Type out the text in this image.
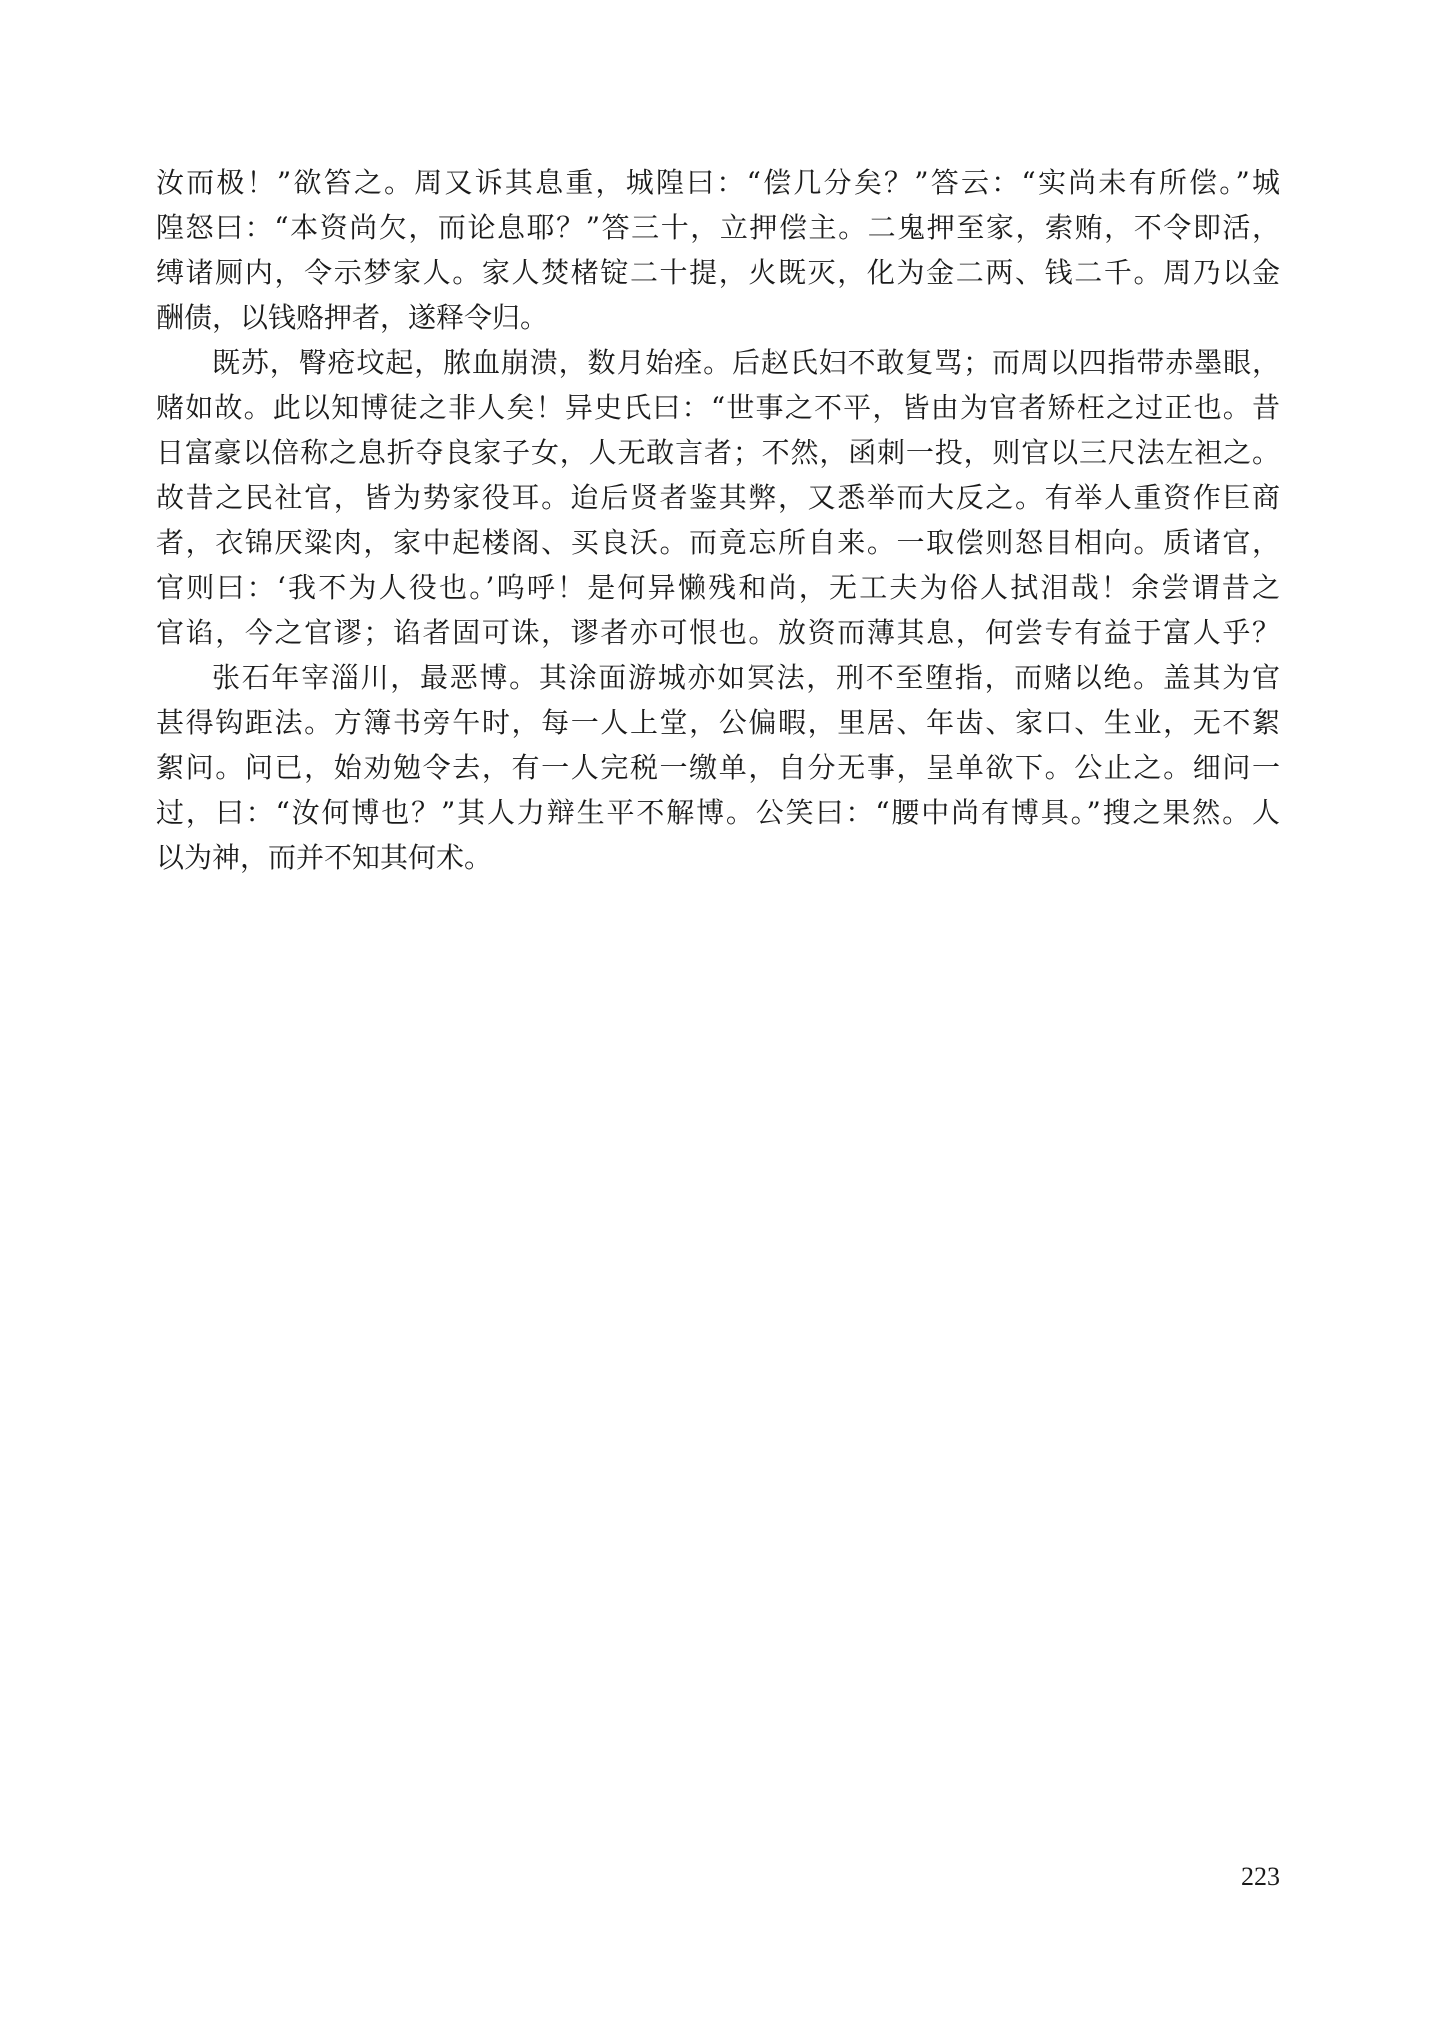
汝而极！”欲笞之。周又诉其息重，城隍曰：“偿几分矣？”答云：“实尚未有所偿。”城
隍怒曰：“本资尚欠，而论息耶？”答三十，立押偿主。二鬼押至家，索贿，不令即活，
缚诸厕内，令示梦家人。家人焚楮锭二十提，火既灭，化为金二两、钱二千。周乃以金
酬债，以钱赂押者，遂释令归。
既苏，臀疮坟起，脓血崩溃，数月始痊。后赵氏妇不敢复骂；而周以四指带赤墨眼，
赌如故。此以知博徒之非人矣！异史氏曰：“世事之不平，皆由为官者矫枉之过正也。昔
日富豪以倍称之息折夺良家子女，人无敢言者；不然，函刺一投，则官以三尺法左袒之。
故昔之民社官，皆为势家役耳。迨后贤者鉴其弊，又悉举而大反之。有举人重资作巨商
者，衣锦厌粱肉，家中起楼阁、买良沃。而竟忘所自来。一取偿则怒目相向。质诸官，
官则曰：‘我不为人役也。’呜呼！是何异懒残和尚，无工夫为俗人拭泪哉！余尝谓昔之
官谄，今之官谬；谄者固可诛，谬者亦可恨也。放资而薄其息，何尝专有益于富人乎？
张石年宰淄川，最恶博。其涂面游城亦如冥法，刑不至堕指，而赌以绝。盖其为官
甚得钩距法。方簿书旁午时，每一人上堂，公偏暇，里居、年齿、家口、生业，无不絮
絮问。问已，始劝勉令去，有一人完税一缴单，自分无事，呈单欲下。公止之。细问一
过，曰：“汝何博也？”其人力辩生平不解博。公笑曰：“腰中尚有博具。”搜之果然。人
以为神，而并不知其何术。
223
